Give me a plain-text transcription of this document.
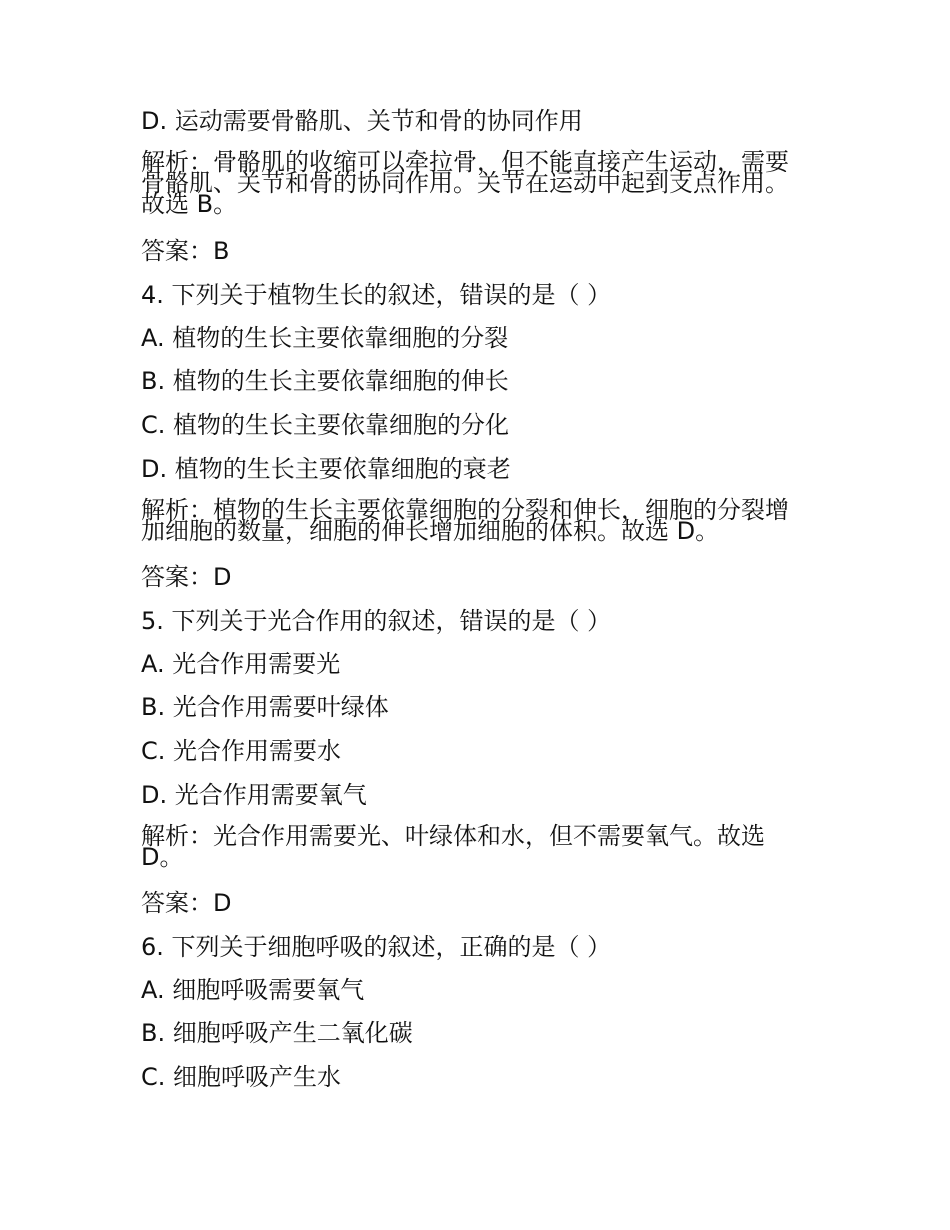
D. 运动需要骨骼肌、关节和骨的协同作用

解析：骨骼肌的收缩可以牵拉骨，但不能直接产生运动，需要
骨骼肌、关节和骨的协同作用。关节在运动中起到支点作用。
故选 B。

答案：B

4. 下列关于植物生长的叙述，错误的是（ ）

A. 植物的生长主要依靠细胞的分裂

B. 植物的生长主要依靠细胞的伸长

C. 植物的生长主要依靠细胞的分化

D. 植物的生长主要依靠细胞的衰老

解析：植物的生长主要依靠细胞的分裂和伸长，细胞的分裂增
加细胞的数量，细胞的伸长增加细胞的体积。故选 D。

答案：D

5. 下列关于光合作用的叙述，错误的是（ ）

A. 光合作用需要光

B. 光合作用需要叶绿体

C. 光合作用需要水

D. 光合作用需要氧气

解析：光合作用需要光、叶绿体和水，但不需要氧气。故选
D。

答案：D

6. 下列关于细胞呼吸的叙述，正确的是（ ）

A. 细胞呼吸需要氧气

B. 细胞呼吸产生二氧化碳

C. 细胞呼吸产生水
